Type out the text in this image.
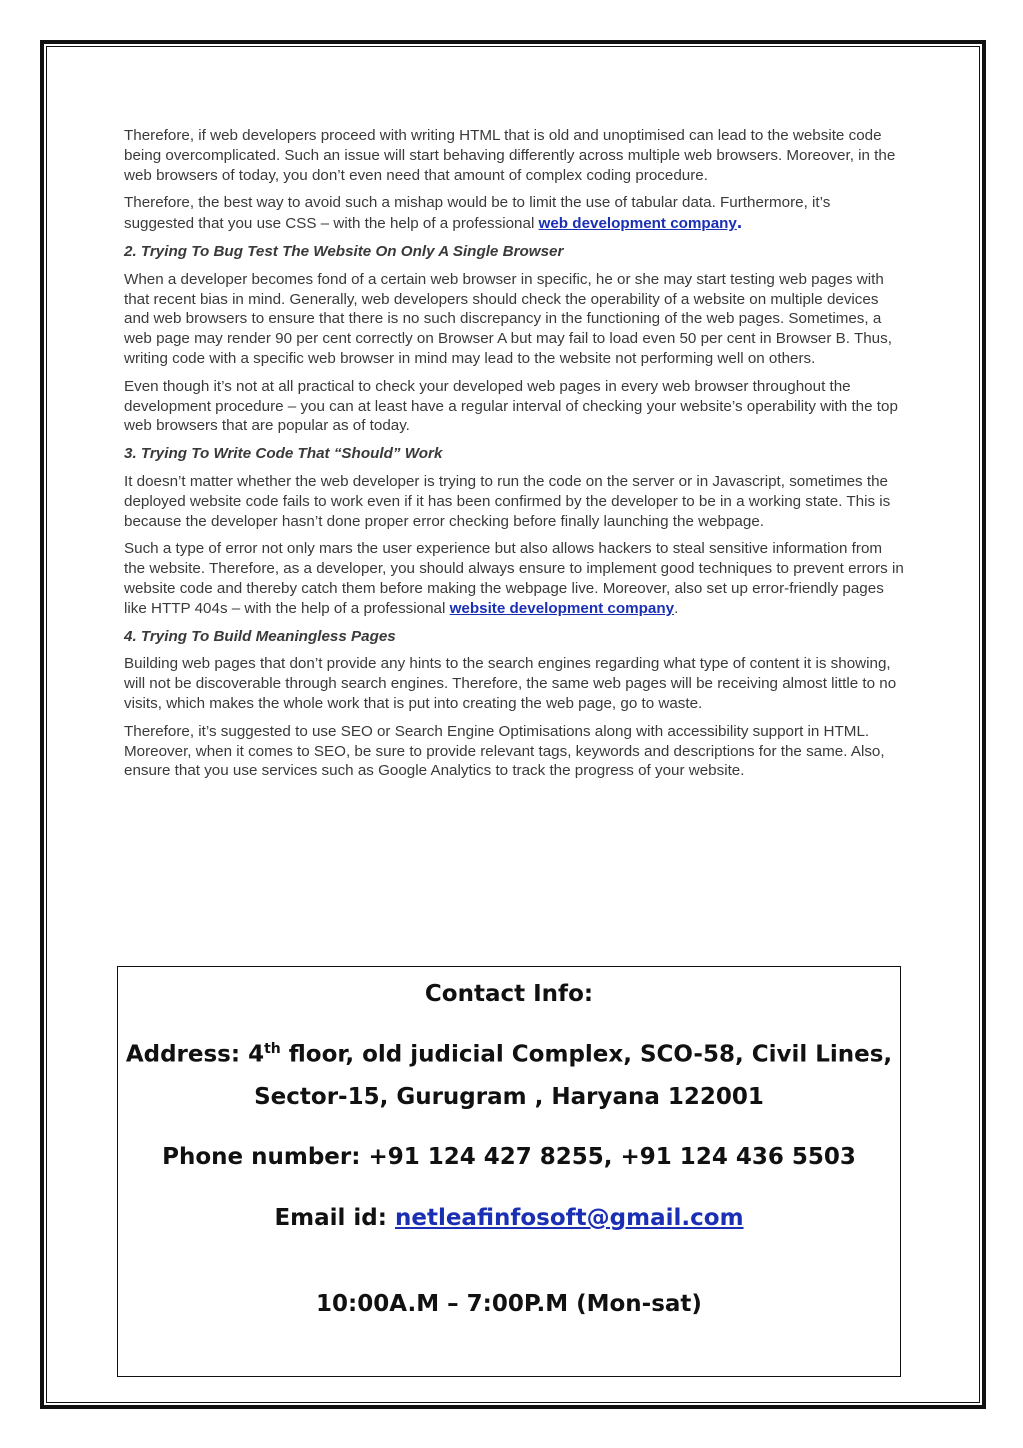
Therefore, if web developers proceed with writing HTML that is old and unoptimised can lead to the website code being overcomplicated. Such an issue will start behaving differently across multiple web browsers. Moreover, in the web browsers of today, you don’t even need that amount of complex coding procedure.

Therefore, the best way to avoid such a mishap would be to limit the use of tabular data. Furthermore, it’s suggested that you use CSS – with the help of a professional web development company.

2. Trying To Bug Test The Website On Only A Single Browser

When a developer becomes fond of a certain web browser in specific, he or she may start testing web pages with that recent bias in mind. Generally, web developers should check the operability of a website on multiple devices and web browsers to ensure that there is no such discrepancy in the functioning of the web pages. Sometimes, a web page may render 90 per cent correctly on Browser A but may fail to load even 50 per cent in Browser B. Thus, writing code with a specific web browser in mind may lead to the website not performing well on others.

Even though it’s not at all practical to check your developed web pages in every web browser throughout the development procedure – you can at least have a regular interval of checking your website’s operability with the top web browsers that are popular as of today.

3. Trying To Write Code That “Should” Work

It doesn’t matter whether the web developer is trying to run the code on the server or in Javascript, sometimes the deployed website code fails to work even if it has been confirmed by the developer to be in a working state. This is because the developer hasn’t done proper error checking before finally launching the webpage.

Such a type of error not only mars the user experience but also allows hackers to steal sensitive information from the website. Therefore, as a developer, you should always ensure to implement good techniques to prevent errors in website code and thereby catch them before making the webpage live. Moreover, also set up error-friendly pages like HTTP 404s – with the help of a professional website development company.

4. Trying To Build Meaningless Pages

Building web pages that don’t provide any hints to the search engines regarding what type of content it is showing, will not be discoverable through search engines. Therefore, the same web pages will be receiving almost little to no visits, which makes the whole work that is put into creating the web page, go to waste.

Therefore, it’s suggested to use SEO or Search Engine Optimisations along with accessibility support in HTML. Moreover, when it comes to SEO, be sure to provide relevant tags, keywords and descriptions for the same. Also, ensure that you use services such as Google Analytics to track the progress of your website.

Contact Info:
Address: 4th floor, old judicial Complex, SCO-58, Civil Lines,
Sector-15, Gurugram , Haryana 122001
Phone number: +91 124 427 8255, +91 124 436 5503
Email id: netleafinfosoft@gmail.com
10:00A.M – 7:00P.M (Mon-sat)
